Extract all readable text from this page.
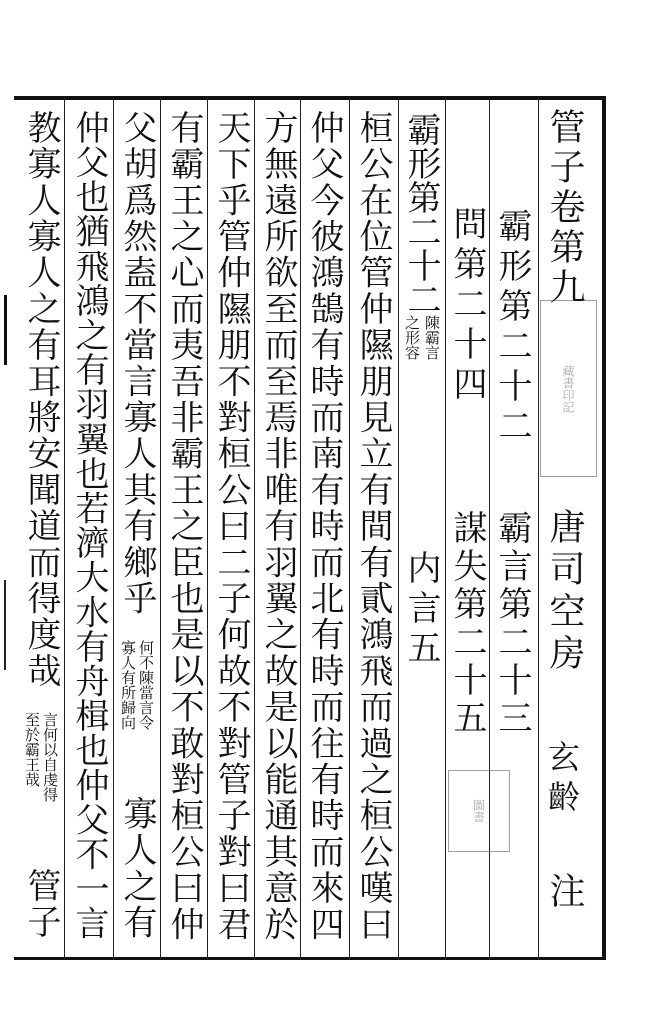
藏書印記
圖書
管子卷第九
唐司空房
玄齡
注
霸形第二十二
霸言第二十三
問第二十四
謀失第二十五
内言五
霸形第二十二
陳霸言
之形容
桓公在位管仲隰朋見立有間有貳鴻飛而過之桓公嘆曰
仲父今彼鴻鵠有時而南有時而北有時而往有時而來四
方無遠所欲至而至焉非唯有羽翼之故是以能通其意於
天下乎管仲隰朋不對桓公曰二子何故不對管子對曰君
有霸王之心而夷吾非霸王之臣也是以不敢對桓公曰仲
父胡爲然盍不當言寡人其有鄉乎
何不陳當言令
寡人有所歸向
寡人之有
仲父也猶飛鴻之有羽翼也若濟大水有舟楫也仲父不一言
教寡人寡人之有耳將安聞道而得度哉
言何以自虔得
至於霸王哉
管子
